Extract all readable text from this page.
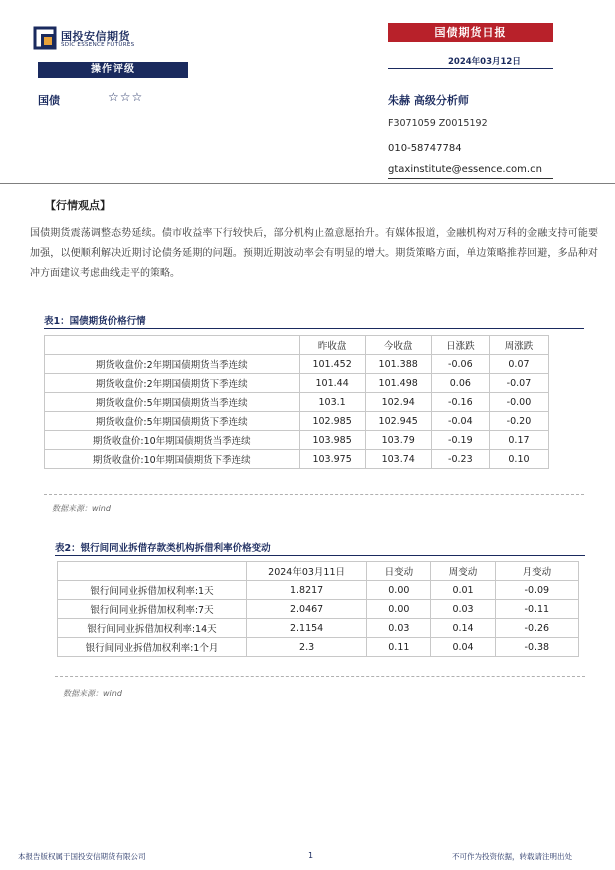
国投安信期货
SDIC ESSENCE FUTURES
国债期货日报
2024年03月12日
操作评级
国债	☆☆☆	朱赫 高级分析师
F3071059 Z0015192
010-58747784
gtaxinstitute@essence.com.cn
【行情观点】
国债期货震荡调整态势延续。债市收益率下行较快后，部分机构止盈意愿抬升。有媒体报道，金融机构对万科的金融支持可能要加强，以便顺利解决近期讨论债务延期的问题。预期近期波动率会有明显的增大。期货策略方面，单边策略推荐回避，多品种对冲方面建议考虑曲线走平的策略。
表1：国债期货价格行情
	昨收盘	今收盘	日涨跌	周涨跌
期货收盘价:2年期国债期货当季连续	101.452	101.388	-0.06	0.07
期货收盘价:2年期国债期货下季连续	101.44	101.498	0.06	-0.07
期货收盘价:5年期国债期货当季连续	103.1	102.94	-0.16	-0.00
期货收盘价:5年期国债期货下季连续	102.985	102.945	-0.04	-0.20
期货收盘价:10年期国债期货当季连续	103.985	103.79	-0.19	0.17
期货收盘价:10年期国债期货下季连续	103.975	103.74	-0.23	0.10
数据来源：wind
表2：银行间同业拆借存款类机构拆借利率价格变动
	2024年03月11日	日变动	周变动	月变动
银行间同业拆借加权利率:1天	1.8217	0.00	0.01	-0.09
银行间同业拆借加权利率:7天	2.0467	0.00	0.03	-0.11
银行间同业拆借加权利率:14天	2.1154	0.03	0.14	-0.26
银行间同业拆借加权利率:1个月	2.3	0.11	0.04	-0.38
数据来源：wind
本报告版权属于国投安信期货有限公司	1	不可作为投资依据，转载请注明出处
